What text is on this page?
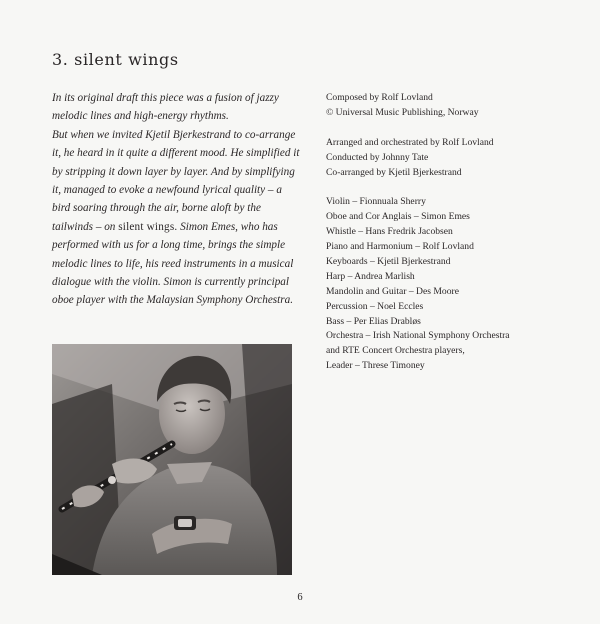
3. silent wings
In its original draft this piece was a fusion of jazzy melodic lines and high-energy rhythms.
But when we invited Kjetil Bjerkestrand to co-arrange it, he heard in it quite a different mood. He simplified it by stripping it down layer by layer. And by simplifying it, managed to evoke a newfound lyrical quality – a bird soaring through the air, borne aloft by the tailwinds – on silent wings. Simon Emes, who has performed with us for a long time, brings the simple melodic lines to life, his reed instruments in a musical dialogue with the violin. Simon is currently principal oboe player with the Malaysian Symphony Orchestra.
Composed by Rolf Lovland
© Universal Music Publishing, Norway
Arranged and orchestrated by Rolf Lovland
Conducted by Johnny Tate
Co-arranged by Kjetil Bjerkestrand
Violin – Fionnuala Sherry
Oboe and Cor Anglais – Simon Emes
Whistle – Hans Fredrik Jacobsen
Piano and Harmonium – Rolf Lovland
Keyboards – Kjetil Bjerkestrand
Harp – Andrea Marlish
Mandolin and Guitar – Des Moore
Percussion – Noel Eccles
Bass – Per Elias Drabløs
Orchestra – Irish National Symphony Orchestra
and RTE Concert Orchestra players,
Leader – Threse Timoney
6
